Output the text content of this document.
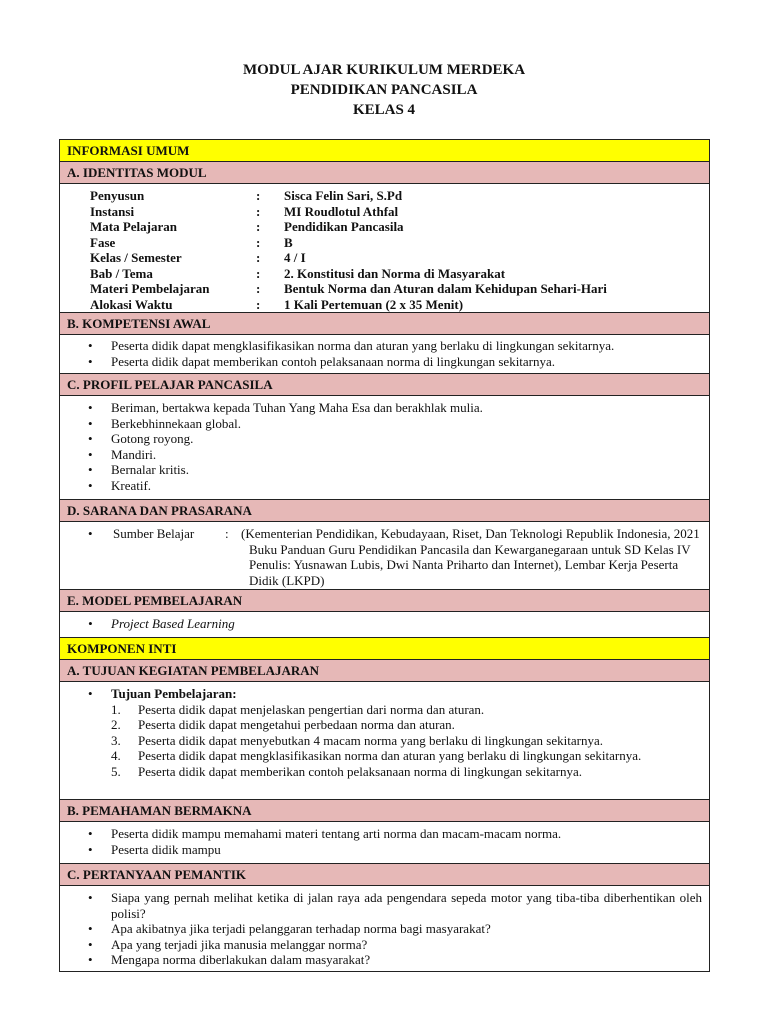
MODUL AJAR KURIKULUM MERDEKA
PENDIDIKAN PANCASILA
KELAS 4
INFORMASI UMUM
A. IDENTITAS MODUL
Penyusun	:	Sisca Felin Sari, S.Pd
Instansi	:	MI Roudlotul Athfal
Mata Pelajaran	:	Pendidikan Pancasila
Fase	:	B
Kelas / Semester	:	4 / I
Bab / Tema	:	2. Konstitusi dan Norma di Masyarakat
Materi Pembelajaran	:	Bentuk Norma dan Aturan dalam Kehidupan Sehari-Hari
Alokasi Waktu	:	1 Kali Pertemuan (2 x 35 Menit)
B. KOMPETENSI AWAL
• Peserta didik dapat mengklasifikasikan norma dan aturan yang berlaku di lingkungan sekitarnya.
• Peserta didik dapat memberikan contoh pelaksanaan norma di lingkungan sekitarnya.
C. PROFIL PELAJAR PANCASILA
• Beriman, bertakwa kepada Tuhan Yang Maha Esa dan berakhlak mulia.
• Berkebhinnekaan global.
• Gotong royong.
• Mandiri.
• Bernalar kritis.
• Kreatif.
D. SARANA DAN PRASARANA
•	Sumber Belajar	: (Kementerian Pendidikan, Kebudayaan, Riset, Dan Teknologi Republik Indonesia, 2021 Buku Panduan Guru Pendidikan Pancasila dan Kewarganegaraan untuk SD Kelas IV Penulis: Yusnawan Lubis, Dwi Nanta Priharto dan Internet), Lembar Kerja Peserta Didik (LKPD)
E. MODEL PEMBELAJARAN
• Project Based Learning
KOMPONEN INTI
A. TUJUAN KEGIATAN PEMBELAJARAN
•	Tujuan Pembelajaran:
1.	Peserta didik dapat menjelaskan pengertian dari norma dan aturan.
2.	Peserta didik dapat mengetahui perbedaan norma dan aturan.
3.	Peserta didik dapat menyebutkan 4 macam norma yang berlaku di lingkungan sekitarnya.
4.	Peserta didik dapat mengklasifikasikan norma dan aturan yang berlaku di lingkungan sekitarnya.
5.	Peserta didik dapat memberikan contoh pelaksanaan norma di lingkungan sekitarnya.
B. PEMAHAMAN BERMAKNA
• Peserta didik mampu memahami materi tentang arti norma dan macam-macam norma.
• Peserta didik mampu
C. PERTANYAAN PEMANTIK
• Siapa yang pernah melihat ketika di jalan raya ada pengendara sepeda motor yang tiba-tiba diberhentikan oleh polisi?
• Apa akibatnya jika terjadi pelanggaran terhadap norma bagi masyarakat?
• Apa yang terjadi jika manusia melanggar norma?
• Mengapa norma diberlakukan dalam masyarakat?
